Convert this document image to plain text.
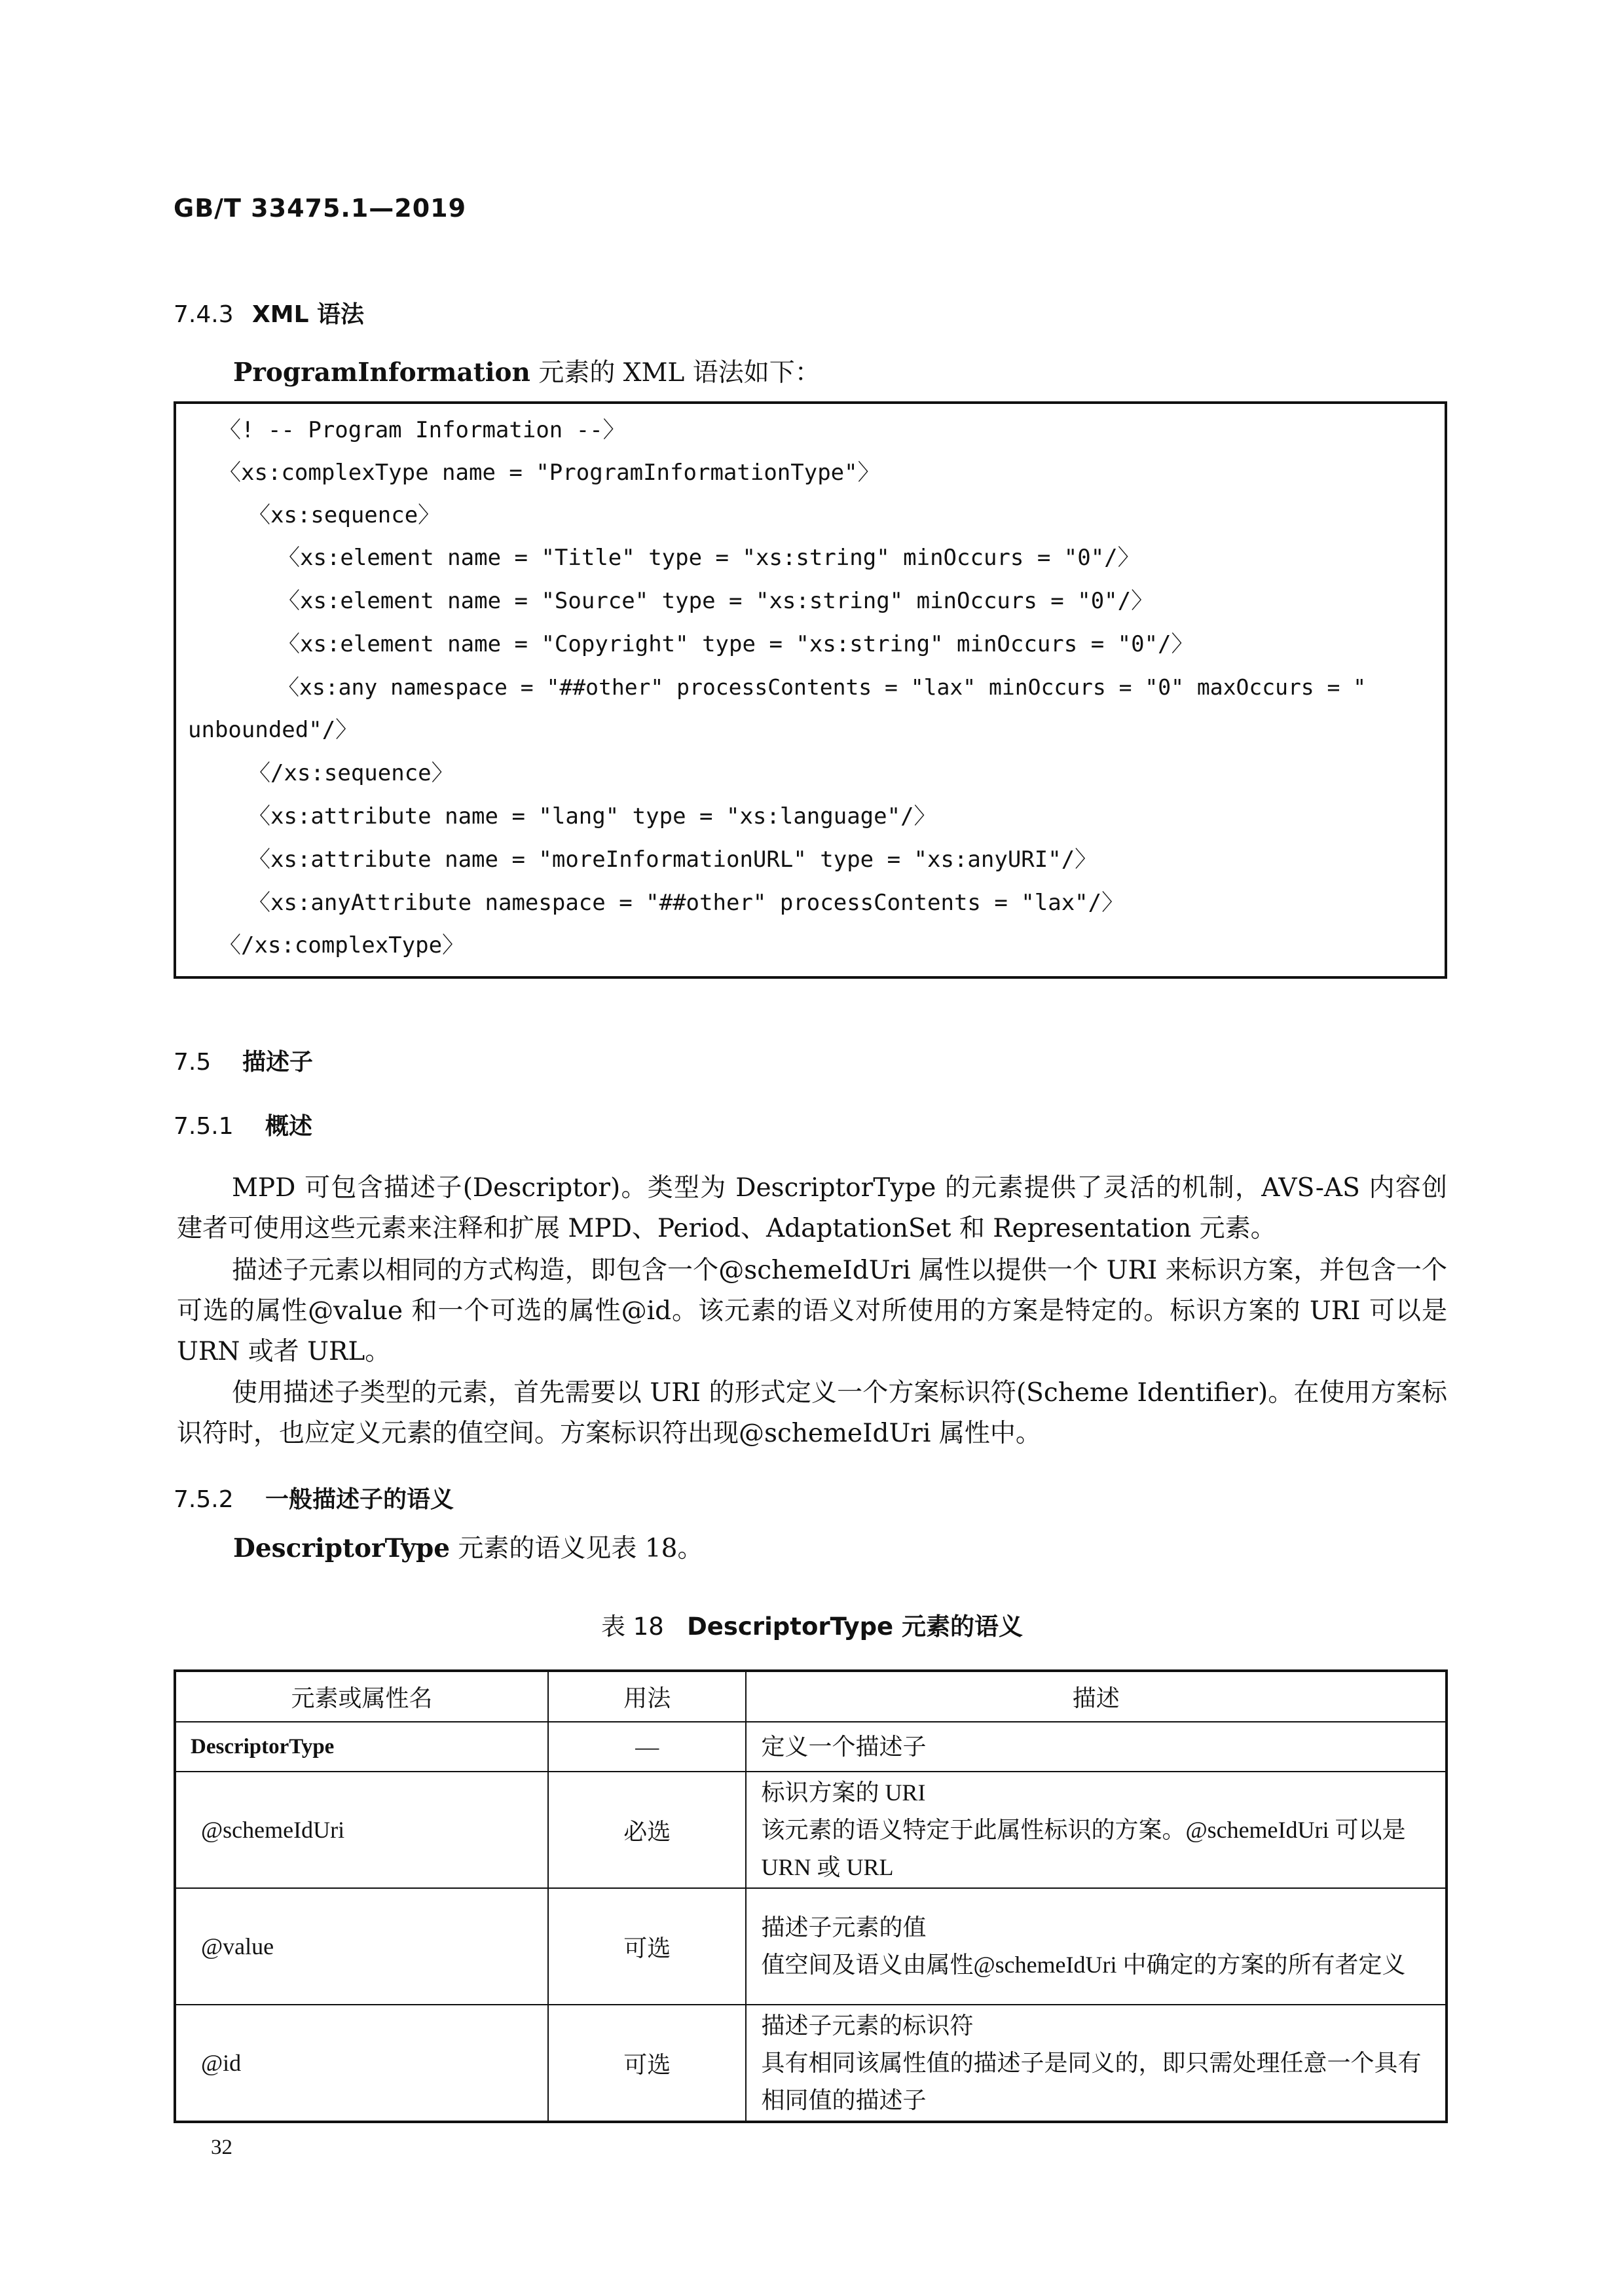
GB/T 33475.1—2019
7.4.3 XML 语法
ProgramInformation 元素的 XML 语法如下：
〈! -- Program Information --〉
〈xs:complexType name = "ProgramInformationType"〉
〈xs:sequence〉
〈xs:element name = "Title" type = "xs:string" minOccurs = "0"/〉
〈xs:element name = "Source" type = "xs:string" minOccurs = "0"/〉
〈xs:element name = "Copyright" type = "xs:string" minOccurs = "0"/〉
〈xs:any namespace = "##other" processContents = "lax" minOccurs = "0" maxOccurs = "
unbounded"/〉
〈/xs:sequence〉
〈xs:attribute name = "lang" type = "xs:language"/〉
〈xs:attribute name = "moreInformationURL" type = "xs:anyURI"/〉
〈xs:anyAttribute namespace = "##other" processContents = "lax"/〉
〈/xs:complexType〉
7.5 描述子
7.5.1 概述
MPD 可包含描述子(Descriptor)。类型为 DescriptorType 的元素提供了灵活的机制，AVS-AS 内容创建者可使用这些元素来注释和扩展 MPD、Period、AdaptationSet 和 Representation 元素。
描述子元素以相同的方式构造，即包含一个@schemeIdUri 属性以提供一个 URI 来标识方案，并包含一个可选的属性@value 和一个可选的属性@id。该元素的语义对所使用的方案是特定的。标识方案的 URI 可以是 URN 或者 URL。
使用描述子类型的元素，首先需要以 URI 的形式定义一个方案标识符(Scheme Identifier)。在使用方案标识符时，也应定义元素的值空间。方案标识符出现@schemeIdUri 属性中。
7.5.2 一般描述子的语义
DescriptorType 元素的语义见表 18。
表 18 DescriptorType 元素的语义
元素或属性名	用法	描述
DescriptorType	—	定义一个描述子

@schemeIdUri	必选	标识方案的 URI
该元素的语义特定于此属性标识的方案。@schemeIdUri 可以是 URN 或 URL

@value	可选	描述子元素的值
值空间及语义由属性@schemeIdUri 中确定的方案的所有者定义

@id	可选	描述子元素的标识符
具有相同该属性值的描述子是同义的，即只需处理任意一个具有相同值的描述子
32
